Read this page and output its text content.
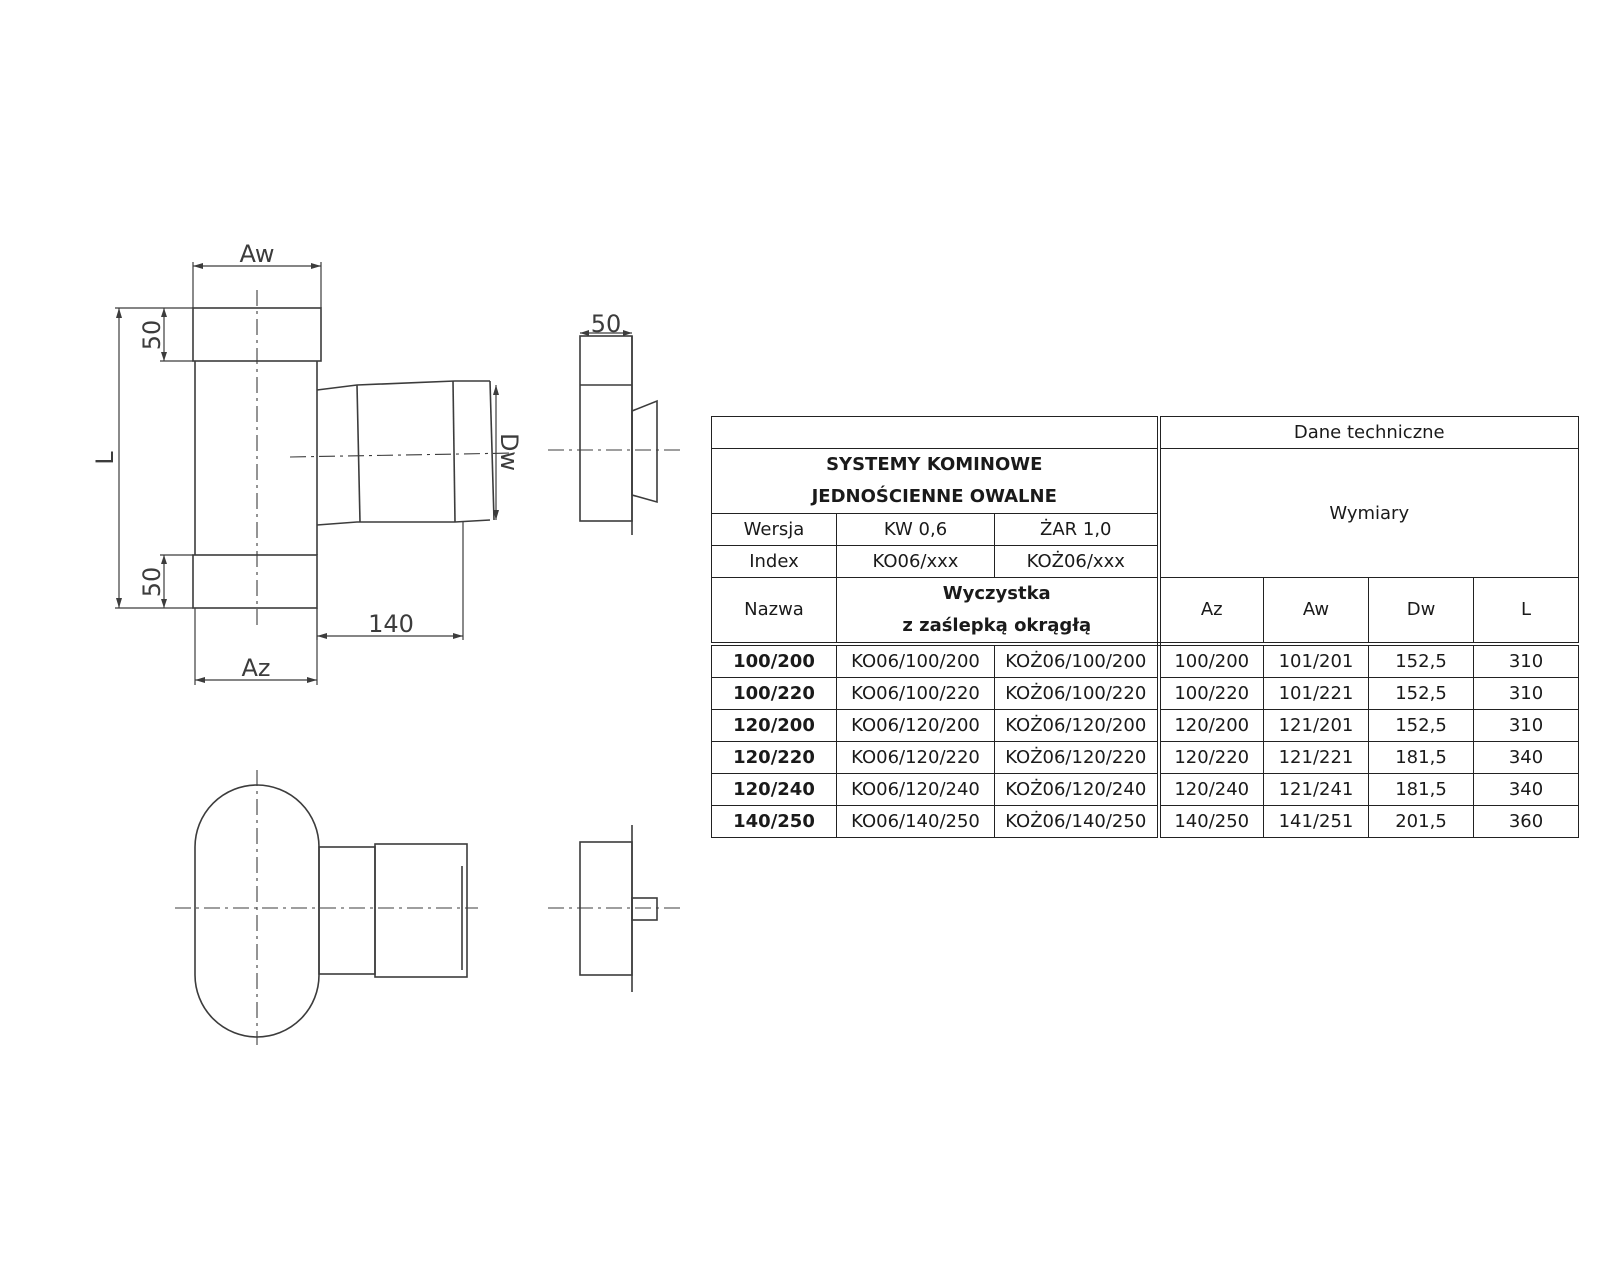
Aw
L
50
50
Dw
140
Az
50
			Dane techniczne			
SYSTEMY KOMINOWE
JEDNOŚCIENNE OWALNE			Wymiary			
Wersja	KW 0,6	ŻAR 1,0				
Index	KO06/xxx	KOŻ06/xxx				
Nazwa	Wyczystka
z zaślepką okrągłą		Az	Aw	Dw	L
100/200	KO06/100/200	KOŻ06/100/200	100/200	101/201	152,5	310
100/220	KO06/100/220	KOŻ06/100/220	100/220	101/221	152,5	310
120/200	KO06/120/200	KOŻ06/120/200	120/200	121/201	152,5	310
120/220	KO06/120/220	KOŻ06/120/220	120/220	121/221	181,5	340
120/240	KO06/120/240	KOŻ06/120/240	120/240	121/241	181,5	340
140/250	KO06/140/250	KOŻ06/140/250	140/250	141/251	201,5	360
